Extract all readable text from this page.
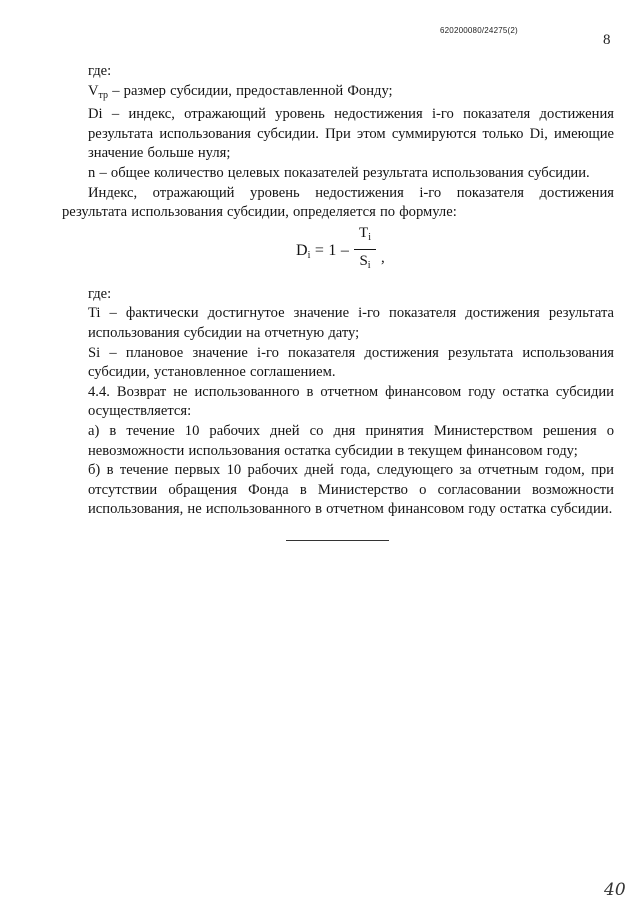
620200080/24275(2)
8

где:

$V_{тр}$ – размер субсидии, предоставленной Фонду;

Di – индекс, отражающий уровень недостижения i-го показателя достижения результата использования субсидии. При этом суммируются только Di, имеющие значение больше нуля;

n – общее количество целевых показателей результата использования субсидии.

Индекс, отражающий уровень недостижения i-го показателя достижения результата использования субсидии, определяется по формуле:

$D_i = 1$ –
$T_i$
$S_i$ ,

где:

Ti – фактически достигнутое значение i-го показателя достижения результата использования субсидии на отчетную дату;

Si – плановое значение i-го показателя достижения результата использования субсидии, установленное соглашением.

4.4. Возврат не использованного в отчетном финансовом году остатка субсидии осуществляется:

а) в течение 10 рабочих дней со дня принятия Министерством решения о невозможности использования остатка субсидии в текущем финансовом году;

б) в течение первых 10 рабочих дней года, следующего за отчетным годом, при отсутствии обращения Фонда в Министерство о согласовании возможности использования, не использованного в отчетном финансовом году остатка субсидии.

40
